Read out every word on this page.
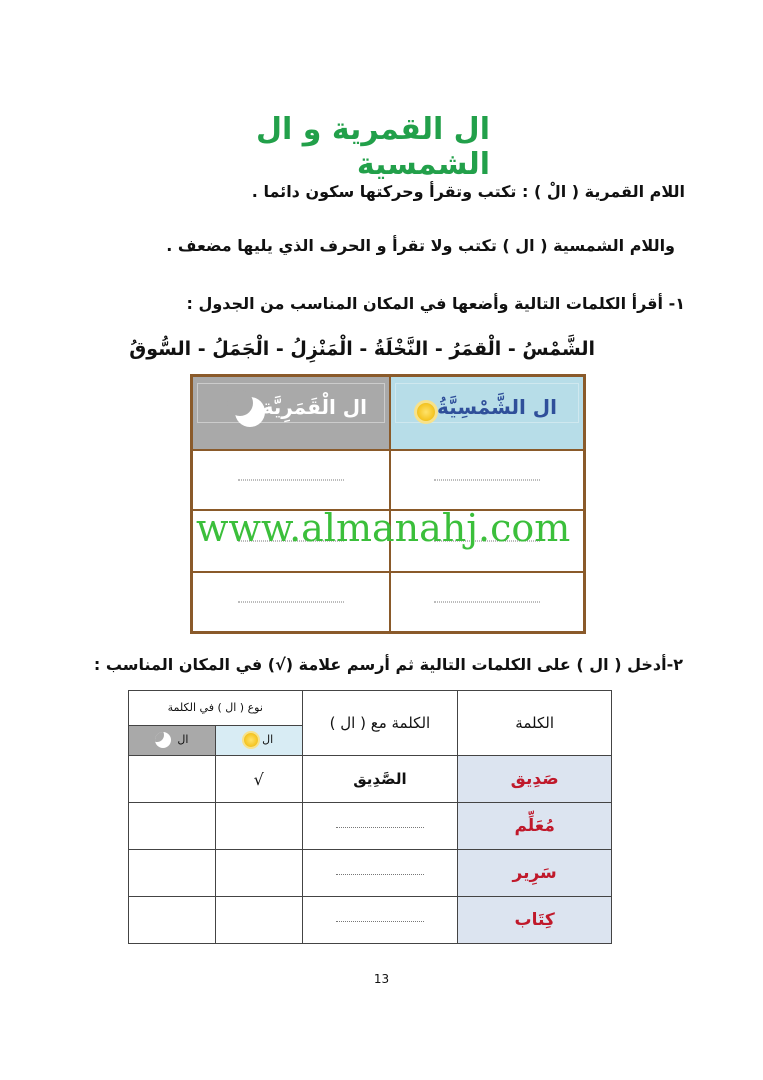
ال القمرية و ال الشمسية
اللام القمرية ( الْ ) : تكتب وتقرأ وحركتها سكون دائما .
واللام الشمسية ( ال ) تكتب ولا تقرأ و الحرف الذي يليها مضعف .
١- أقرأ الكلمات التالية وأضعها في المكان المناسب من الجدول :
الشَّمْسُ - الْقمَرُ - النَّخْلَةُ - الْمَنْزِلُ - الْجَمَلُ - السُّوقُ
ال الْقَمَرِيَّة	ال الشَّمْسِيَّةُ
www.almanahj.com
٢-أدخل ( ال ) على الكلمات التالية ثم أرسم علامة (√) في المكان المناسب :
نوع ( ال ) في الكلمة		الكلمة مع ( ال )	الكلمة
ال	ال		
	√	الصَّدِيق	صَدِيق
			مُعَلِّم
			سَرِير
			كِتَاب
13
